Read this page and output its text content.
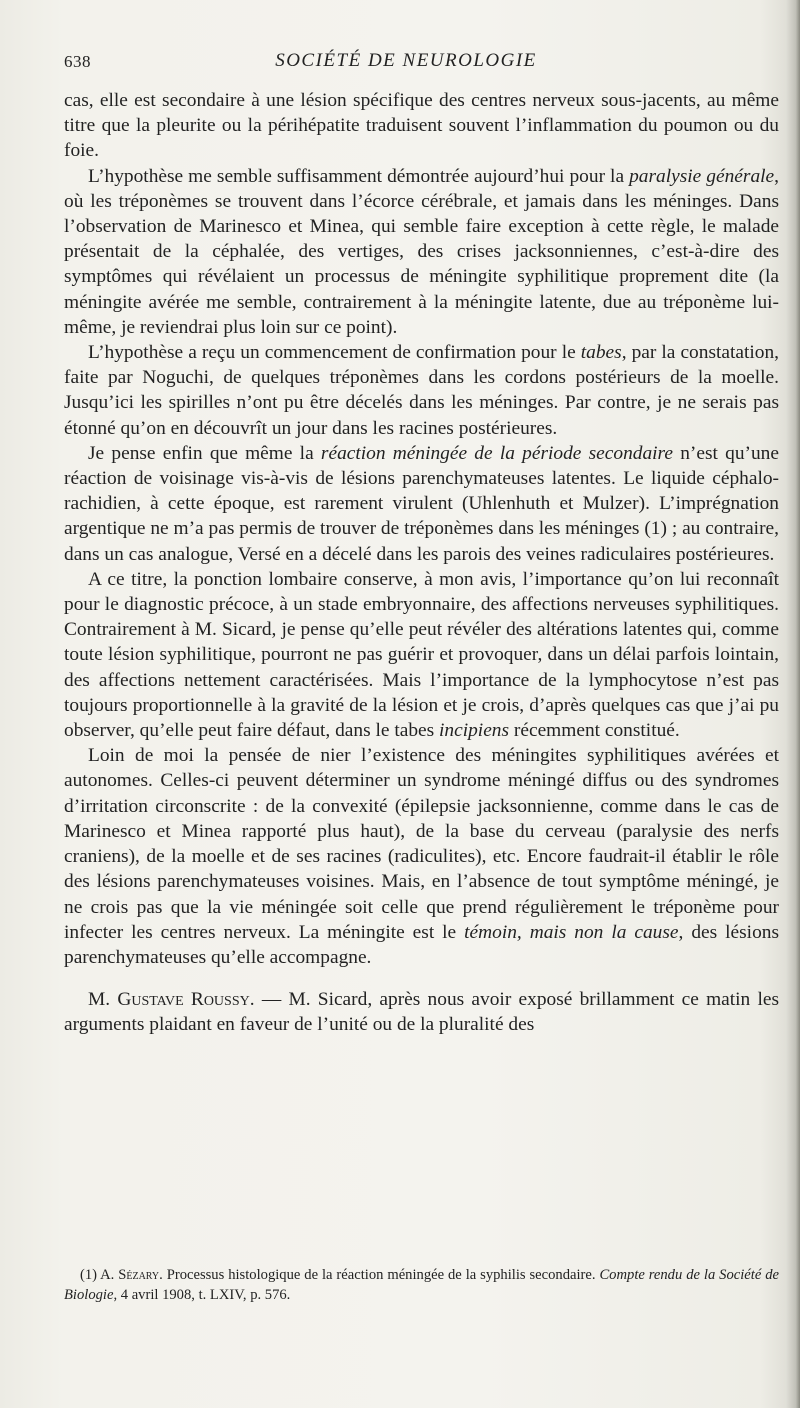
638	SOCIÉTÉ DE NEUROLOGIE

cas, elle est secondaire à une lésion spécifique des centres nerveux sous-jacents, au même titre que la pleurite ou la périhépatite traduisent souvent l’inflammation du poumon ou du foie.

L’hypothèse me semble suffisamment démontrée aujourd’hui pour la paralysie générale, où les tréponèmes se trouvent dans l’écorce cérébrale, et jamais dans les méninges. Dans l’observation de Marinesco et Minea, qui semble faire exception à cette règle, le malade présentait de la céphalée, des vertiges, des crises jacksonniennes, c’est-à-dire des symptômes qui révélaient un processus de méningite syphilitique proprement dite (la méningite avérée me semble, contrairement à la méningite latente, due au tréponème lui-même, je reviendrai plus loin sur ce point).

L’hypothèse a reçu un commencement de confirmation pour le tabes, par la constatation, faite par Noguchi, de quelques tréponèmes dans les cordons postérieurs de la moelle. Jusqu’ici les spirilles n’ont pu être décelés dans les méninges. Par contre, je ne serais pas étonné qu’on en découvrît un jour dans les racines postérieures.

Je pense enfin que même la réaction méningée de la période secondaire n’est qu’une réaction de voisinage vis-à-vis de lésions parenchymateuses latentes. Le liquide céphalo-rachidien, à cette époque, est rarement virulent (Uhlenhuth et Mulzer). L’imprégnation argentique ne m’a pas permis de trouver de tréponèmes dans les méninges (1) ; au contraire, dans un cas analogue, Versé en a décelé dans les parois des veines radiculaires postérieures.

A ce titre, la ponction lombaire conserve, à mon avis, l’importance qu’on lui reconnaît pour le diagnostic précoce, à un stade embryonnaire, des affections nerveuses syphilitiques. Contrairement à M. Sicard, je pense qu’elle peut révéler des altérations latentes qui, comme toute lésion syphilitique, pourront ne pas guérir et provoquer, dans un délai parfois lointain, des affections nettement caractérisées. Mais l’importance de la lymphocytose n’est pas toujours proportionnelle à la gravité de la lésion et je crois, d’après quelques cas que j’ai pu observer, qu’elle peut faire défaut, dans le tabes incipiens récemment constitué.

Loin de moi la pensée de nier l’existence des méningites syphilitiques avérées et autonomes. Celles-ci peuvent déterminer un syndrome méningé diffus ou des syndromes d’irritation circonscrite : de la convexité (épilepsie jacksonnienne, comme dans le cas de Marinesco et Minea rapporté plus haut), de la base du cerveau (paralysie des nerfs craniens), de la moelle et de ses racines (radiculites), etc. Encore faudrait-il établir le rôle des lésions parenchymateuses voisines. Mais, en l’absence de tout symptôme méningé, je ne crois pas que la vie méningée soit celle que prend régulièrement le tréponème pour infecter les centres nerveux. La méningite est le témoin, mais non la cause, des lésions parenchymateuses qu’elle accompagne.

M. Gustave Roussy. — M. Sicard, après nous avoir exposé brillamment ce matin les arguments plaidant en faveur de l’unité ou de la pluralité des

(1) A. Sézary. Processus histologique de la réaction méningée de la syphilis secondaire. Compte rendu de la Société de Biologie, 4 avril 1908, t. LXIV, p. 576.
